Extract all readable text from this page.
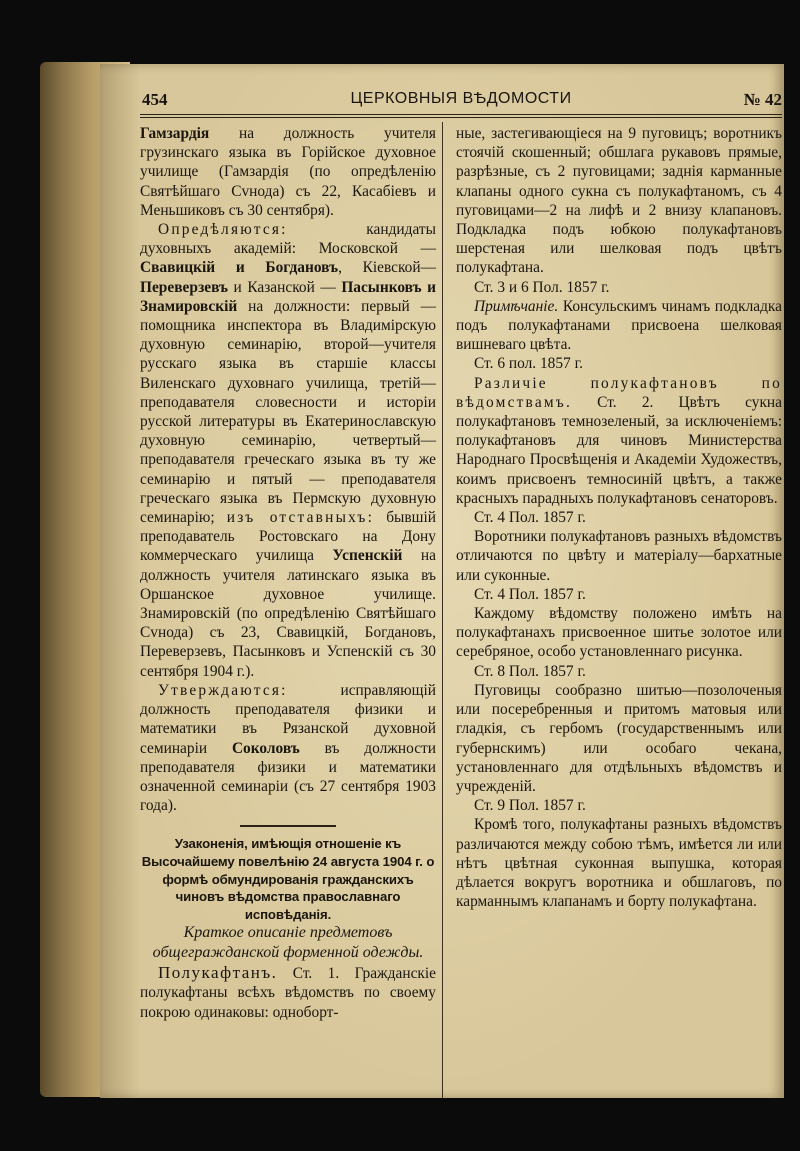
454	ЦЕРКОВНЫЯ ВѢДОМОСТИ	№ 42

Гамзардія на должность учителя грузинскаго языка въ Горійское духовное училище (Гамзардія (по опредѣленію Святѣйшаго Сvнода) съ 22, Касабіевъ и Меньшиковъ съ 30 сентября).

Опредѣляются: кандидаты духовныхъ академій: Московской — Свавицкій и Богдановъ, Кіевской—Переверзевъ и Казанской — Пасынковъ и Знамировскій на должности: первый — помощника инспектора въ Владимірскую духовную семинарію, второй—учителя русскаго языка въ старшіе классы Виленскаго духовнаго училища, третій—преподавателя словесности и исторіи русской литературы въ Екатеринославскую духовную семинарію, четвертый—преподавателя греческаго языка въ ту же семинарію и пятый — преподавателя греческаго языка въ Пермскую духовную семинарію; изъ отставныхъ: бывшій преподаватель Ростовскаго на Дону коммерческаго училища Успенскій на должность учителя латинскаго языка въ Оршанское духовное училище. Знамировскій (по опредѣленію Святѣйшаго Сvнода) съ 23, Свавицкій, Богдановъ, Переверзевъ, Пасынковъ и Успенскій съ 30 сентября 1904 г.).

Утверждаются: исправляющій должность преподавателя физики и математики въ Рязанской духовной семинаріи Соколовъ въ должности преподавателя физики и математики означенной семинаріи (съ 27 сентября 1903 года).

Узаконенія, имѣющія отношеніе къ Высочайшему повелѣнію 24 августа 1904 г. о формѣ обмундированія гражданскихъ чиновъ вѣдомства православнаго исповѣданія.

Краткое описаніе предметовъ общегражданской форменной одежды.

Полукафтанъ. Ст. 1. Гражданскіе полукафтаны всѣхъ вѣдомствъ по своему покрою одинаковы: одноборт-

ные, застегивающіеся на 9 пуговицъ; воротникъ стоячій скошенный; обшлага рукавовъ прямые, разрѣзные, съ 2 пуговицами; заднія карманные клапаны одного сукна съ полукафтаномъ, съ 4 пуговицами—2 на лифѣ и 2 внизу клапановъ. Подкладка подъ юбкою полукафтановъ шерстеная или шелковая подъ цвѣтъ полукафтана.

Ст. 3 и 6 Пол. 1857 г.

Примѣчаніе. Консульскимъ чинамъ подкладка подъ полукафтанами присвоена шелковая вишневаго цвѣта.

Ст. 6 пол. 1857 г.

Различіе полукафтановъ по вѣдомствамъ. Ст. 2. Цвѣтъ сукна полукафтановъ темнозеленый, за исключеніемъ: полукафтановъ для чиновъ Министерства Народнаго Просвѣщенія и Академіи Художествъ, коимъ присвоенъ темносиній цвѣтъ, а также красныхъ парадныхъ полукафтановъ сенаторовъ.

Ст. 4 Пол. 1857 г.

Воротники полукафтановъ разныхъ вѣдомствъ отличаются по цвѣту и матеріалу—бархатные или суконные.

Ст. 4 Пол. 1857 г.

Каждому вѣдомству положено имѣть на полукафтанахъ присвоенное шитье золотое или серебряное, особо установленнаго рисунка.

Ст. 8 Пол. 1857 г.

Пуговицы сообразно шитью—позолоченыя или посеребренныя и притомъ матовыя или гладкія, съ гербомъ (государственнымъ или губернскимъ) или особаго чекана, установленнаго для отдѣльныхъ вѣдомствъ и учрежденій.

Ст. 9 Пол. 1857 г.

Кромѣ того, полукафтаны разныхъ вѣдомствъ различаются между собою тѣмъ, имѣется ли или нѣтъ цвѣтная суконная выпушка, которая дѣлается вокругъ воротника и обшлаговъ, по карманнымъ клапанамъ и борту полукафтана.
